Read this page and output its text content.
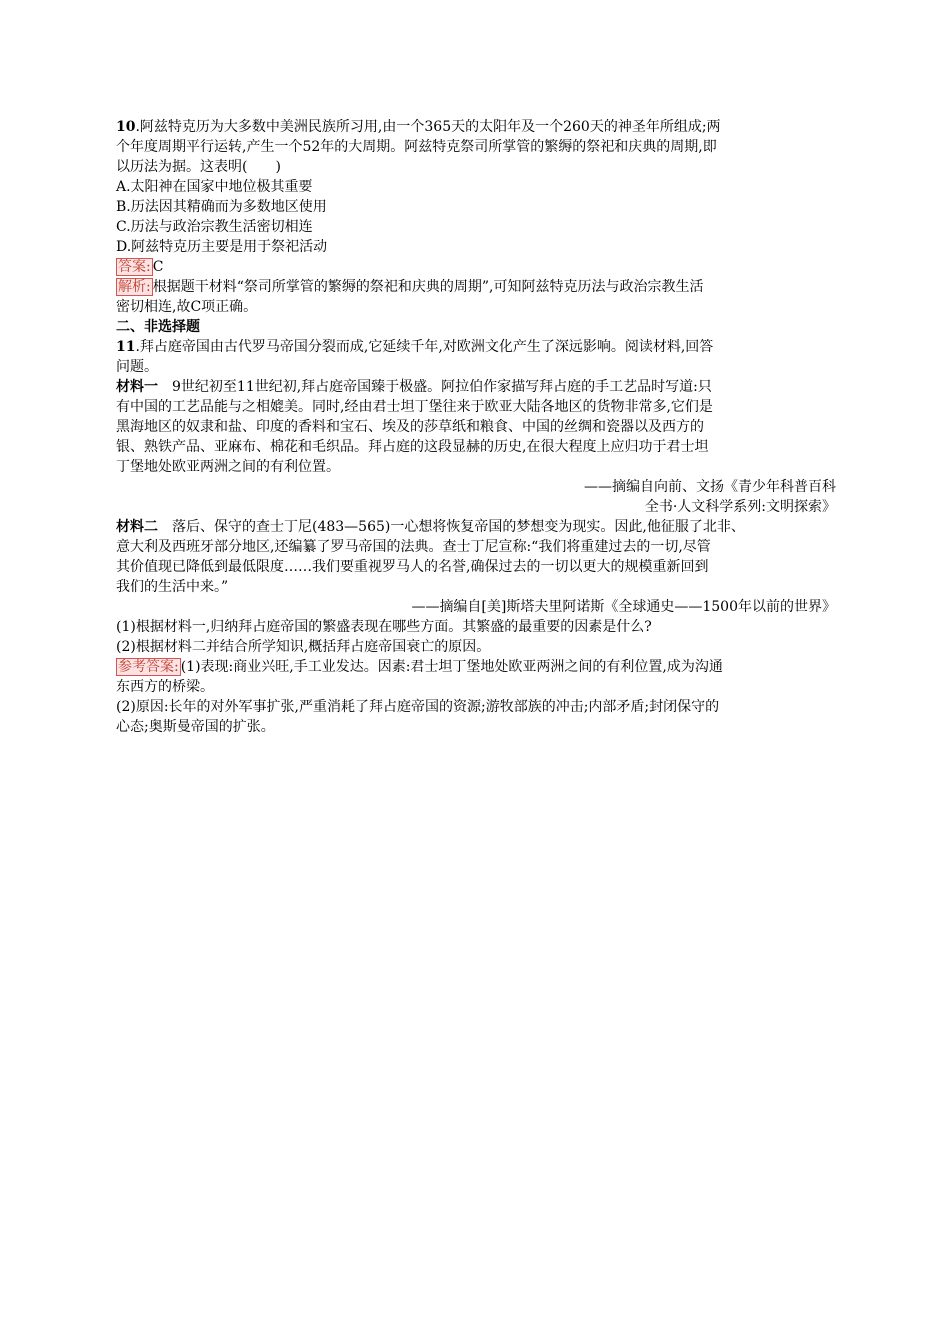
10.阿兹特克历为大多数中美洲民族所习用,由一个365天的太阳年及一个260天的神圣年所组成;两
个年度周期平行运转,产生一个52年的大周期。阿兹特克祭司所掌管的繁缛的祭祀和庆典的周期,即
以历法为据。这表明(　　)
A.太阳神在国家中地位极其重要
B.历法因其精确而为多数地区使用
C.历法与政治宗教生活密切相连
D.阿兹特克历主要是用于祭祀活动
答案: C
解析: 根据题干材料“祭司所掌管的繁缛的祭祀和庆典的周期”,可知阿兹特克历法与政治宗教生活
密切相连,故C项正确。
二、非选择题
11.拜占庭帝国由古代罗马帝国分裂而成,它延续千年,对欧洲文化产生了深远影响。阅读材料,回答
问题。
材料一 9世纪初至11世纪初,拜占庭帝国臻于极盛。阿拉伯作家描写拜占庭的手工艺品时写道:只
有中国的工艺品能与之相媲美。同时,经由君士坦丁堡往来于欧亚大陆各地区的货物非常多,它们是
黑海地区的奴隶和盐、印度的香料和宝石、埃及的莎草纸和粮食、中国的丝绸和瓷器以及西方的
银、熟铁产品、亚麻布、棉花和毛织品。拜占庭的这段显赫的历史,在很大程度上应归功于君士坦
丁堡地处欧亚两洲之间的有利位置。
——摘编自向前、文扬《青少年科普百科
全书·人文科学系列:文明探索》
材料二 落后、保守的查士丁尼(483—565)一心想将恢复帝国的梦想变为现实。因此,他征服了北非、
意大利及西班牙部分地区,还编纂了罗马帝国的法典。查士丁尼宣称:“我们将重建过去的一切,尽管
其价值现已降低到最低限度……我们要重视罗马人的名誉,确保过去的一切以更大的规模重新回到
我们的生活中来。”
——摘编自[美]斯塔夫里阿诺斯《全球通史——1500年以前的世界》
(1)根据材料一,归纳拜占庭帝国的繁盛表现在哪些方面。其繁盛的最重要的因素是什么?
(2)根据材料二并结合所学知识,概括拜占庭帝国衰亡的原因。
参考答案: (1)表现:商业兴旺,手工业发达。因素:君士坦丁堡地处欧亚两洲之间的有利位置,成为沟通
东西方的桥梁。
(2)原因:长年的对外军事扩张,严重消耗了拜占庭帝国的资源;游牧部族的冲击;内部矛盾;封闭保守的
心态;奥斯曼帝国的扩张。
